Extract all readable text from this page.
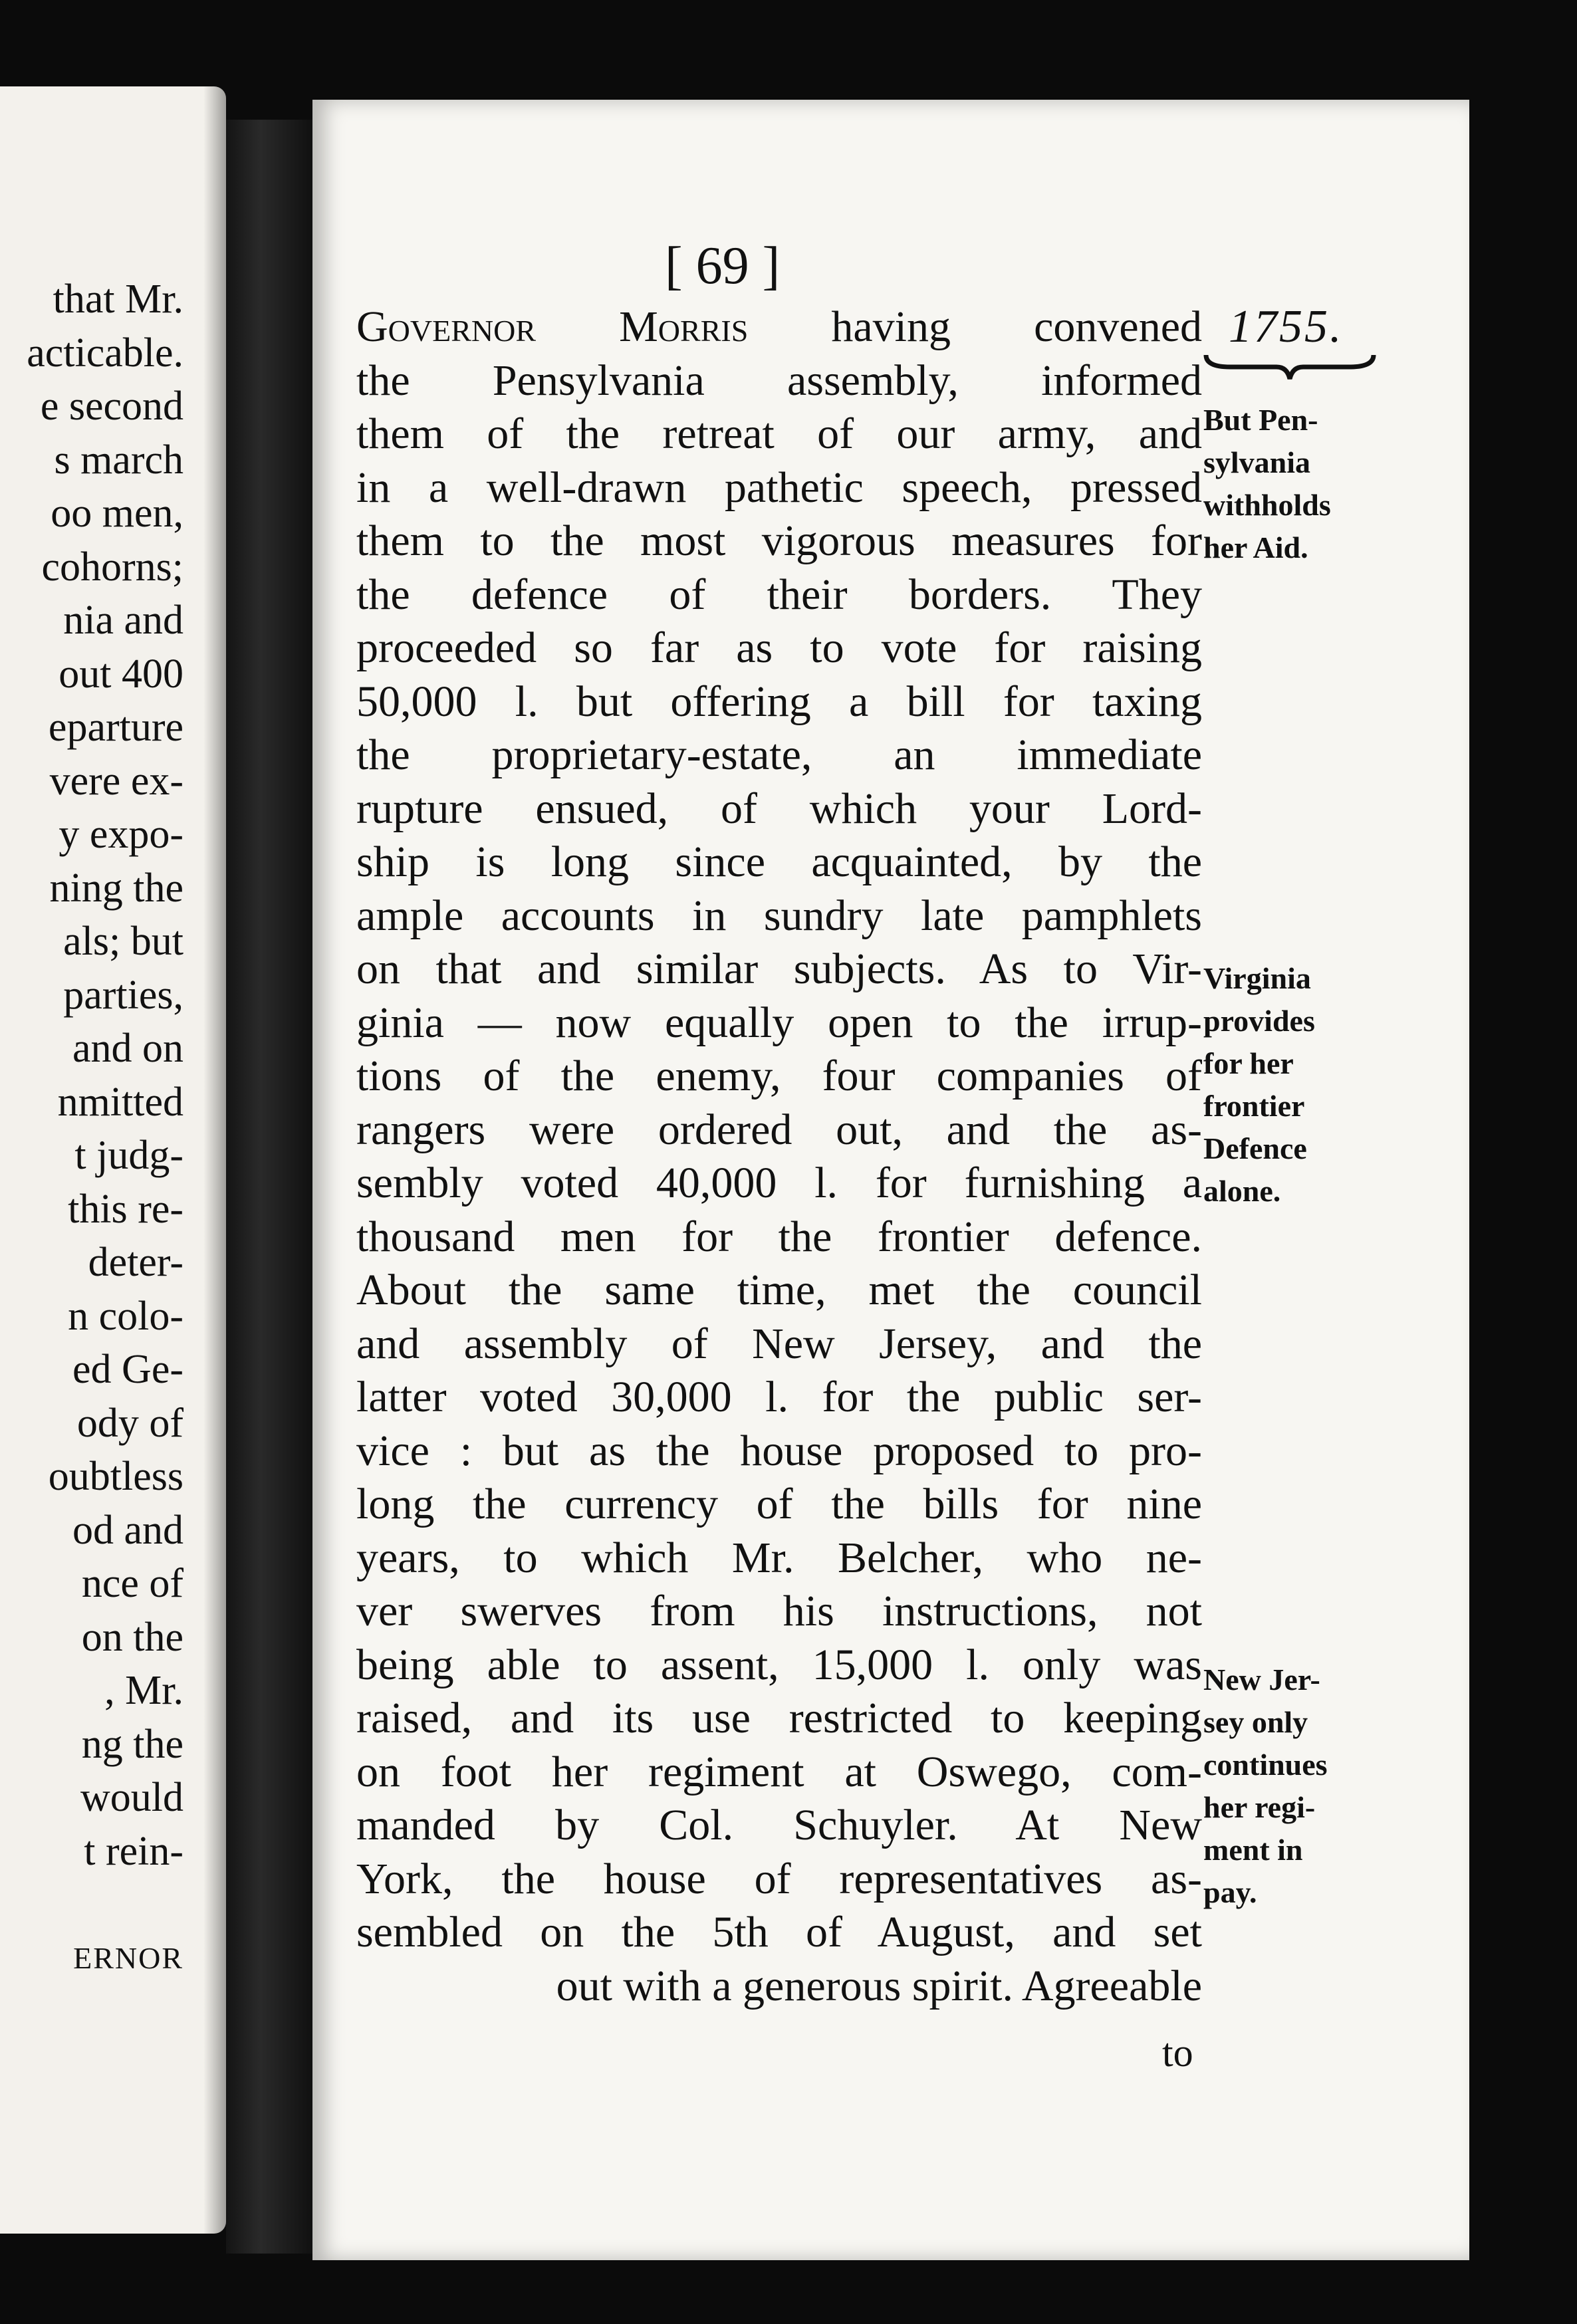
that Mr.
acticable.
e second
s march
oo men,
cohorns;
nia and
out 400
eparture
vere ex-
y expo-
ning the
als; but
parties,
and on
nmitted
t judg-
this re-
deter-
n colo-
ed Ge-
ody of
oubtless
od and
nce of
on the
, Mr.
ng the
would
t rein-
ERNOR
[ 69 ]
1755.
Governor Morris having convened
the Pensylvania assembly, informed
them of the retreat of our army, and
in a well-drawn pathetic speech, pressed
them to the most vigorous measures for
the defence of their borders. They
proceeded so far as to vote for raising
50,000 l. but offering a bill for taxing
the proprietary-estate, an immediate
rupture ensued, of which your Lord-
ship is long since acquainted, by the
ample accounts in sundry late pamphlets
on that and similar subjects. As to Vir-
ginia — now equally open to the irrup-
tions of the enemy, four companies of
rangers were ordered out, and the as-
sembly voted 40,000 l. for furnishing a
thousand men for the frontier defence.
About the same time, met the council
and assembly of New Jersey, and the
latter voted 30,000 l. for the public ser-
vice : but as the house proposed to pro-
long the currency of the bills for nine
years, to which Mr. Belcher, who ne-
ver swerves from his instructions, not
being able to assent, 15,000 l. only was
raised, and its use restricted to keeping
on foot her regiment at Oswego, com-
manded by Col. Schuyler. At New
York, the house of representatives as-
sembled on the 5th of August, and set
out with a generous spirit. Agreeable
to
But Pen-
sylvania
withholds
her Aid.
Virginia
provides
for her
frontier
Defence
alone.
New Jer-
sey only
continues
her regi-
ment in
pay.
